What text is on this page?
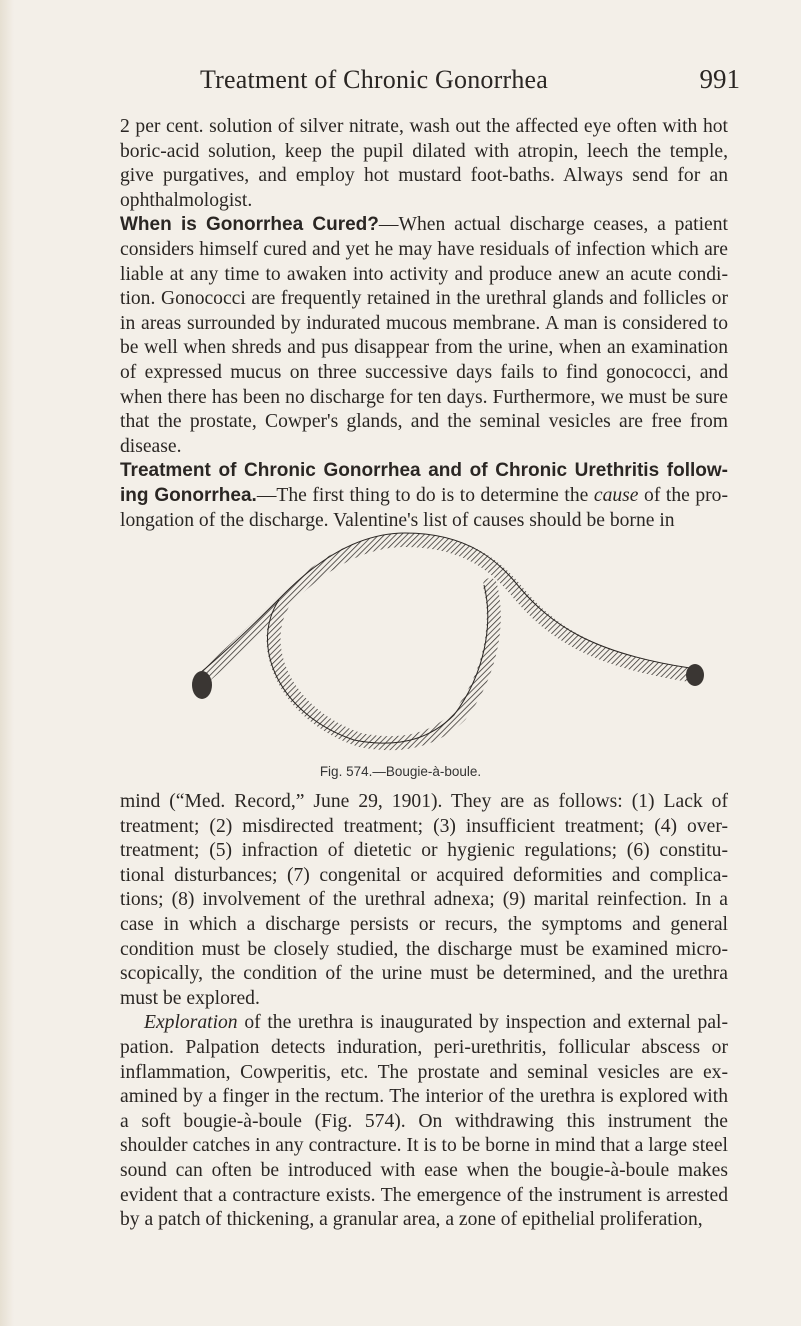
Treatment of Chronic Gonorrhea	991

2 per cent. solution of silver nitrate, wash out the affected eye often with hot boric-acid solution, keep the pupil dilated with atropin, leech the temple, give purgatives, and employ hot mustard foot-baths. Always send for an ophthalmologist.

When is Gonorrhea Cured?—When actual discharge ceases, a patient considers himself cured and yet he may have residuals of infection which are liable at any time to awaken into activity and produce anew an acute condi- tion. Gonococci are frequently retained in the urethral glands and follicles or in areas surrounded by indurated mucous membrane. A man is considered to be well when shreds and pus disappear from the urine, when an examination of expressed mucus on three successive days fails to find gonococci, and when there has been no discharge for ten days. Furthermore, we must be sure that the prostate, Cowper's glands, and the seminal vesicles are free from disease.

Treatment of Chronic Gonorrhea and of Chronic Urethritis follow- ing Gonorrhea.—The first thing to do is to determine the cause of the pro- longation of the discharge. Valentine's list of causes should be borne in

Fig. 574.—Bougie-à-boule.

mind (“Med. Record,” June 29, 1901). They are as follows: (1) Lack of treatment; (2) misdirected treatment; (3) insufficient treatment; (4) over- treatment; (5) infraction of dietetic or hygienic regulations; (6) constitu- tional disturbances; (7) congenital or acquired deformities and complica- tions; (8) involvement of the urethral adnexa; (9) marital reinfection. In a case in which a discharge persists or recurs, the symptoms and general condition must be closely studied, the discharge must be examined micro- scopically, the condition of the urine must be determined, and the urethra must be explored.

Exploration of the urethra is inaugurated by inspection and external pal- pation. Palpation detects induration, peri-urethritis, follicular abscess or inflammation, Cowperitis, etc. The prostate and seminal vesicles are ex- amined by a finger in the rectum. The interior of the urethra is explored with a soft bougie-à-boule (Fig. 574). On withdrawing this instrument the shoulder catches in any contracture. It is to be borne in mind that a large steel sound can often be introduced with ease when the bougie-à-boule makes evident that a contracture exists. The emergence of the instrument is arrested by a patch of thickening, a granular area, a zone of epithelial proliferation,
